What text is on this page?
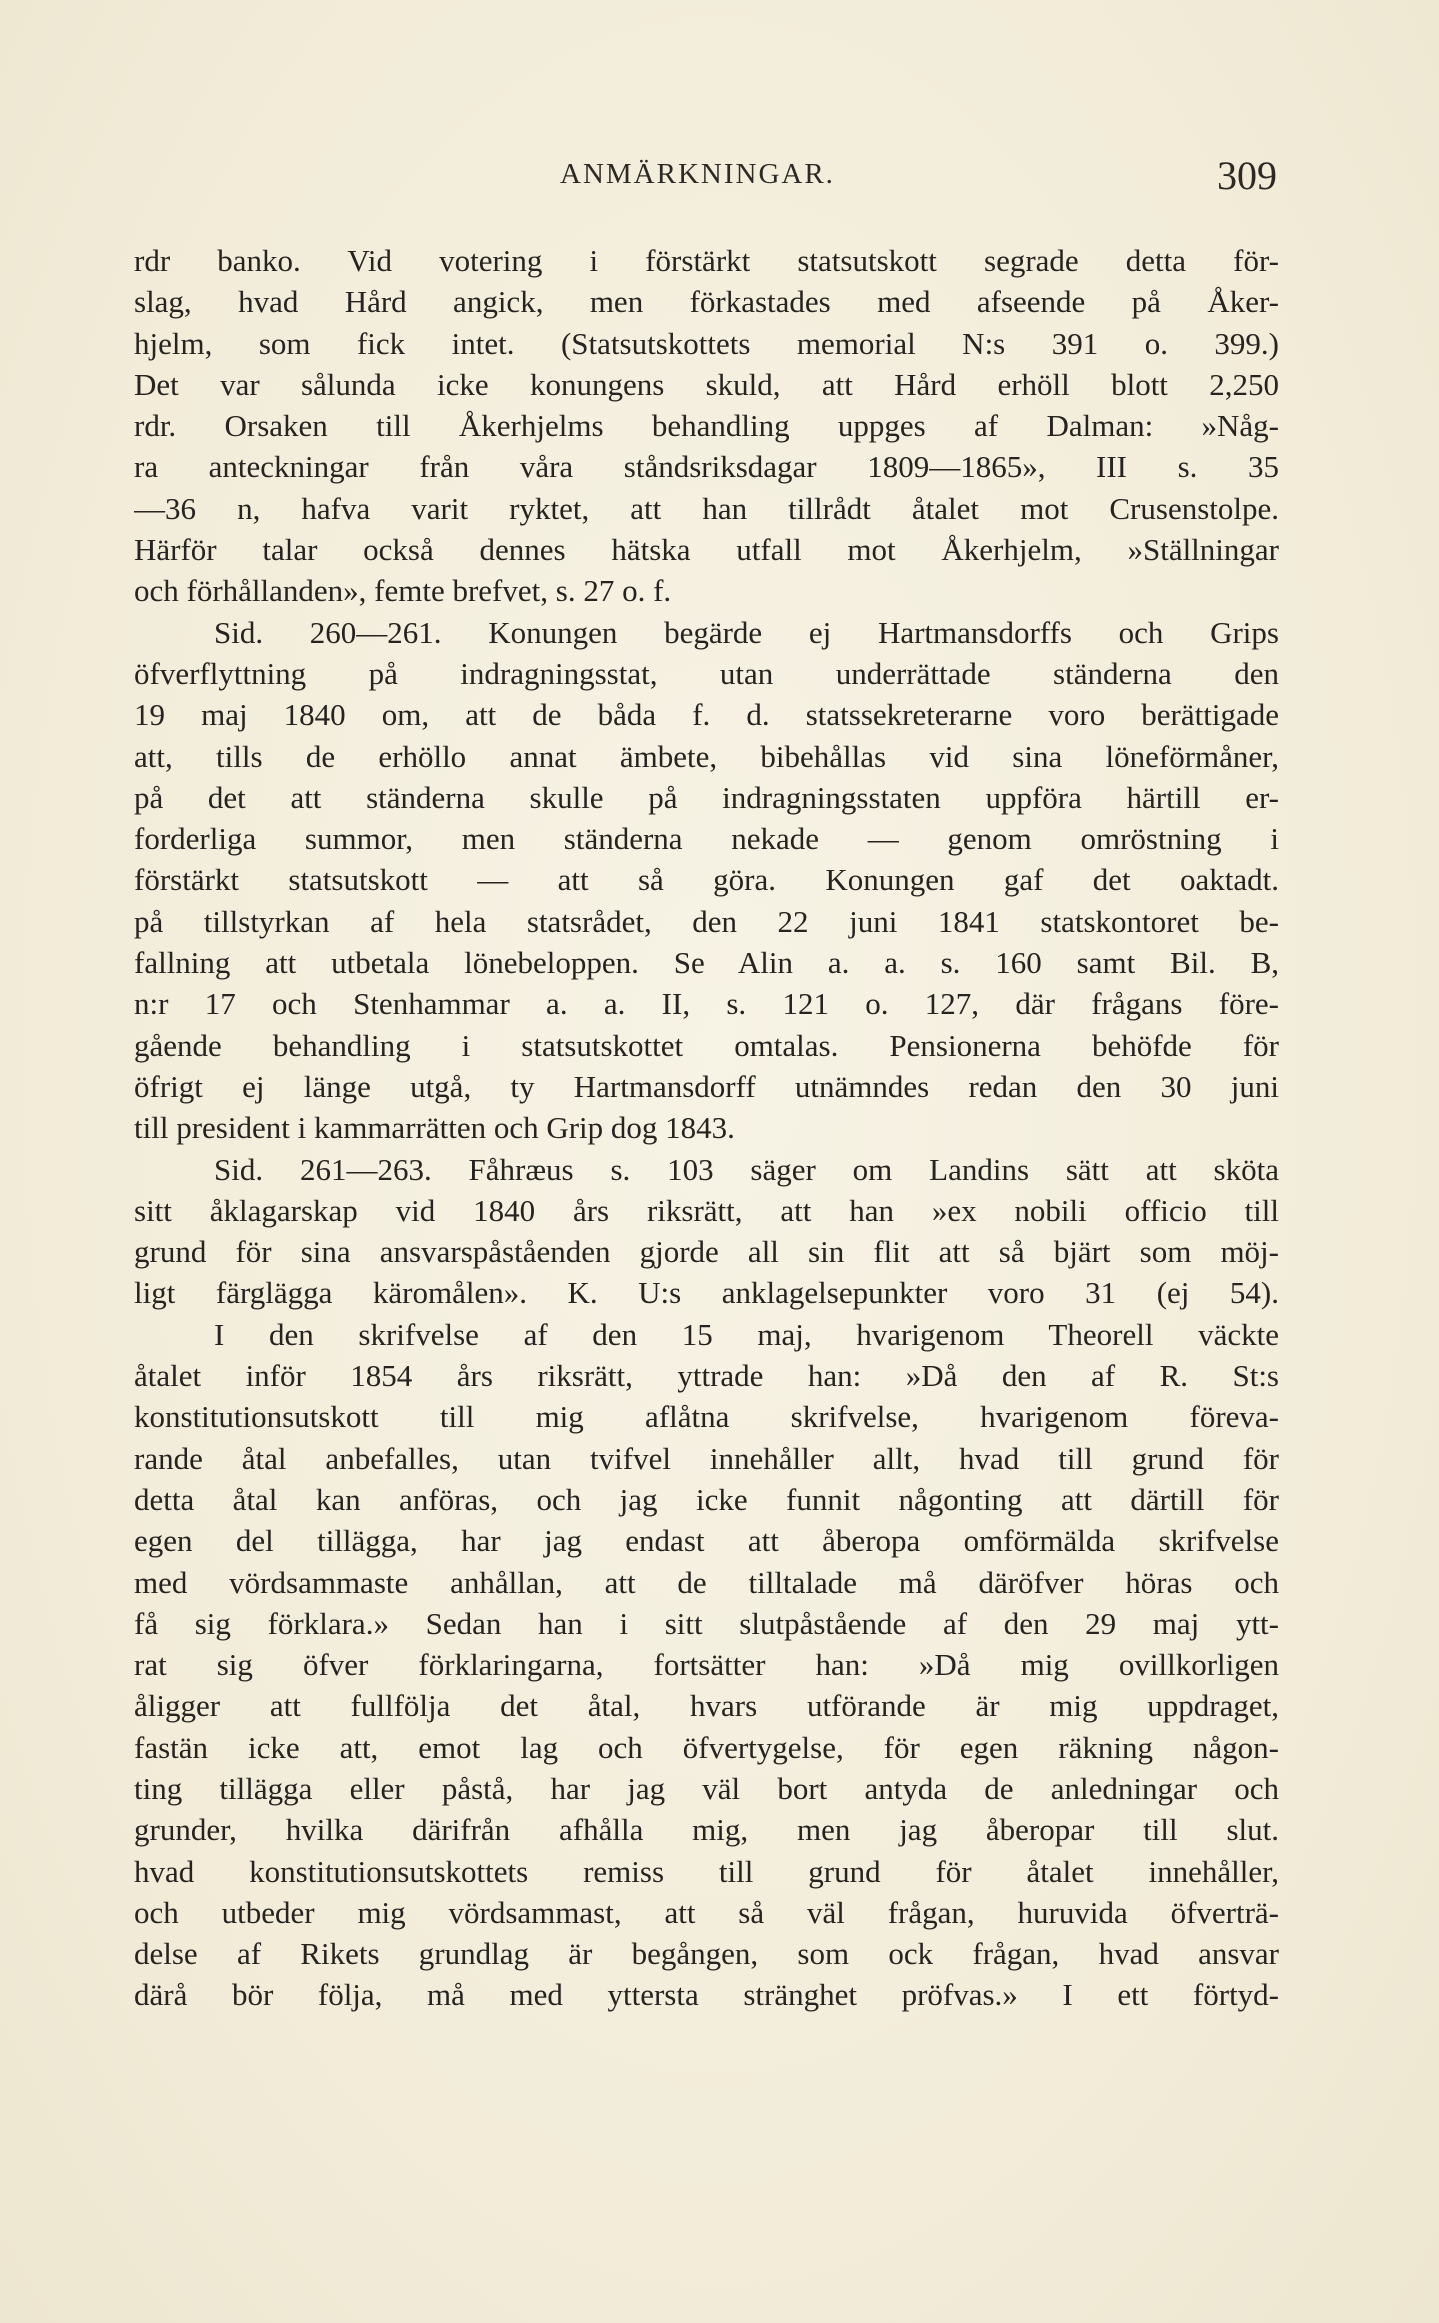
ANMÄRKNINGAR.	309
rdr banko. Vid votering i förstärkt statsutskott segrade detta för-
slag, hvad Hård angick, men förkastades med afseende på Åker-
hjelm, som fick intet. (Statsutskottets memorial N:s 391 o. 399.)
Det var sålunda icke konungens skuld, att Hård erhöll blott 2,250
rdr. Orsaken till Åkerhjelms behandling uppges af Dalman: »Någ-
ra anteckningar från våra ståndsriksdagar 1809—1865», III s. 35
—36 n, hafva varit ryktet, att han tillrådt åtalet mot Crusenstolpe.
Härför talar också dennes hätska utfall mot Åkerhjelm, »Ställningar
och förhållanden», femte brefvet, s. 27 o. f.
Sid. 260—261. Konungen begärde ej Hartmansdorffs och Grips
öfverflyttning på indragningsstat, utan underrättade ständerna den
19 maj 1840 om, att de båda f. d. statssekreterarne voro berättigade
att, tills de erhöllo annat ämbete, bibehållas vid sina löneförmåner,
på det att ständerna skulle på indragningsstaten uppföra härtill er-
forderliga summor, men ständerna nekade — genom omröstning i
förstärkt statsutskott — att så göra. Konungen gaf det oaktadt.
på tillstyrkan af hela statsrådet, den 22 juni 1841 statskontoret be-
fallning att utbetala lönebeloppen. Se Alin a. a. s. 160 samt Bil. B,
n:r 17 och Stenhammar a. a. II, s. 121 o. 127, där frågans före-
gående behandling i statsutskottet omtalas. Pensionerna behöfde för
öfrigt ej länge utgå, ty Hartmansdorff utnämndes redan den 30 juni
till president i kammarrätten och Grip dog 1843.
Sid. 261—263. Fåhræus s. 103 säger om Landins sätt att sköta
sitt åklagarskap vid 1840 års riksrätt, att han »ex nobili officio till
grund för sina ansvarspåståenden gjorde all sin flit att så bjärt som möj-
ligt färglägga käromålen». K. U:s anklagelsepunkter voro 31 (ej 54).
I den skrifvelse af den 15 maj, hvarigenom Theorell väckte
åtalet inför 1854 års riksrätt, yttrade han: »Då den af R. St:s
konstitutionsutskott till mig aflåtna skrifvelse, hvarigenom föreva-
rande åtal anbefalles, utan tvifvel innehåller allt, hvad till grund för
detta åtal kan anföras, och jag icke funnit någonting att därtill för
egen del tillägga, har jag endast att åberopa omförmälda skrifvelse
med vördsammaste anhållan, att de tilltalade må däröfver höras och
få sig förklara.» Sedan han i sitt slutpåstående af den 29 maj ytt-
rat sig öfver förklaringarna, fortsätter han: »Då mig ovillkorligen
åligger att fullfölja det åtal, hvars utförande är mig uppdraget,
fastän icke att, emot lag och öfvertygelse, för egen räkning någon-
ting tillägga eller påstå, har jag väl bort antyda de anledningar och
grunder, hvilka därifrån afhålla mig, men jag åberopar till slut.
hvad konstitutionsutskottets remiss till grund för åtalet innehåller,
och utbeder mig vördsammast, att så väl frågan, huruvida öfverträ-
delse af Rikets grundlag är begången, som ock frågan, hvad ansvar
därå bör följa, må med yttersta stränghet pröfvas.» I ett förtyd-
